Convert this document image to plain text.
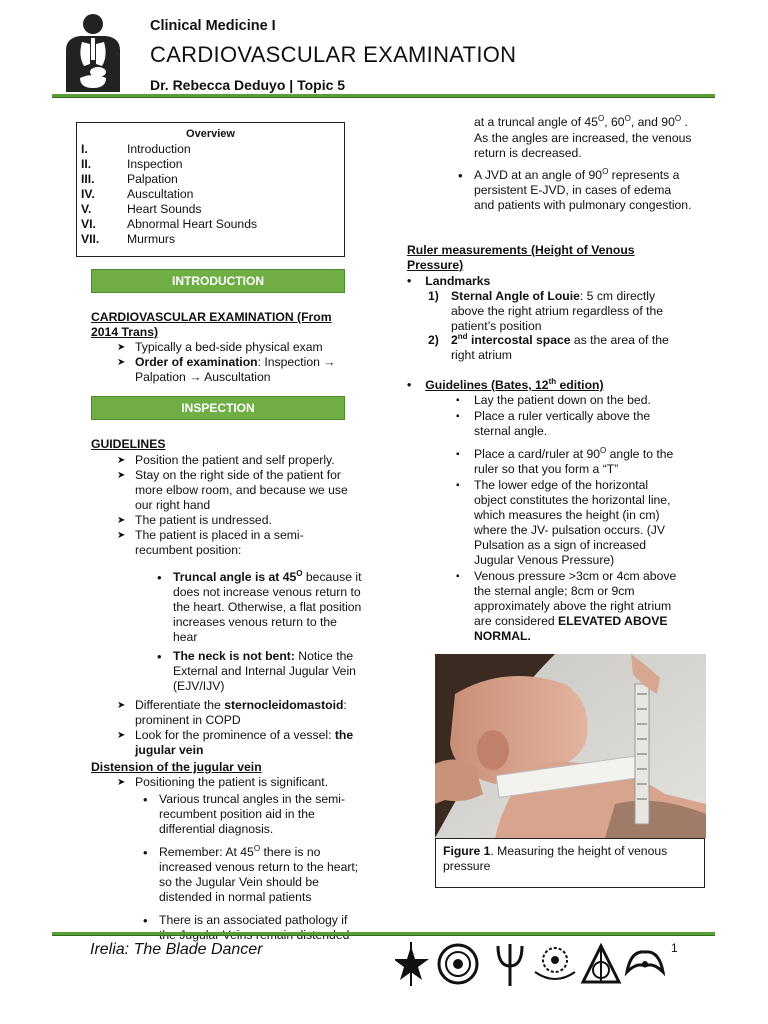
Clinical Medicine I
CARDIOVASCULAR EXAMINATION
Dr. Rebecca Deduyo | Topic 5
Overview
I.	Introduction
II.	Inspection
III.	Palpation
IV.	Auscultation
V.	Heart Sounds
VI.	Abnormal Heart Sounds
VII.	Murmurs
INTRODUCTION
CARDIOVASCULAR EXAMINATION (From 2014 Trans)
➤ Typically a bed-side physical exam
➤ Order of examination: Inspection → Palpation → Auscultation
INSPECTION
GUIDELINES
➤ Position the patient and self properly.
➤ Stay on the right side of the patient for more elbow room, and because we use our right hand
➤ The patient is undressed.
➤ The patient is placed in a semi-recumbent position:
• Truncal angle is at $45^O$ because it does not increase venous return to the heart. Otherwise, a flat position increases venous return to the hear
• The neck is not bent: Notice the External and Internal Jugular Vein (EJV/IJV)
➤ Differentiate the sternocleidomastoid: prominent in COPD
➤ Look for the prominence of a vessel: the jugular vein
Distension of the jugular vein
➤ Positioning the patient is significant.
• Various truncal angles in the semi-recumbent position aid in the differential diagnosis.
• Remember: At $45^O$ there is no increased venous return to the heart; so the Jugular Vein should be distended in normal patients
• There is an associated pathology if
at a truncal angle of $45^O$, $60^O$, and $90^O$ . As the angles are increased, the venous return is decreased.
• A JVD at an angle of $90^O$ represents a persistent E-JVD, in cases of edema and patients with pulmonary congestion.
Ruler measurements (Height of Venous Pressure)
• Landmarks
1) Sternal Angle of Louie: 5 cm directly above the right atrium regardless of the patient’s position
2) 2nd intercostal space as the area of the right atrium
• Guidelines (Bates, 12th edition)
▪ Lay the patient down on the bed.
▪ Place a ruler vertically above the sternal angle.
▪ Place a card/ruler at $90^O$ angle to the ruler so that you form a “T”
▪ The lower edge of the horizontal object constitutes the horizontal line, which measures the height (in cm) where the JV- pulsation occurs. (JV Pulsation as a sign of increased Jugular Venous Pressure)
▪ Venous pressure >3cm or 4cm above the sternal angle; 8cm or 9cm approximately above the right atrium are considered ELEVATED ABOVE NORMAL.
Figure 1. Measuring the height of venous pressure
Irelia: The Blade Dancer	1
